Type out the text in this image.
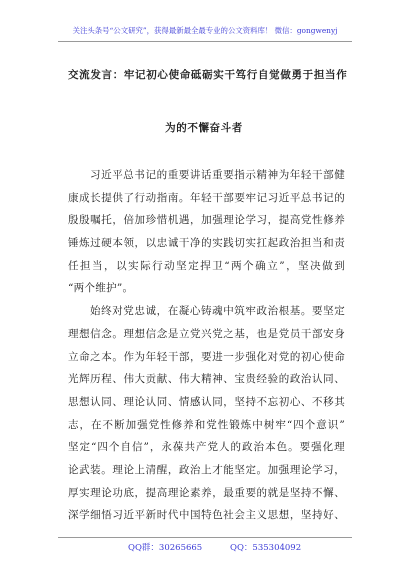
关注头条号“公文研究”，获得最新最全最专业的公文资料库！ 微信：gongwenyj
交流发言：牢记初心使命砥砺实干笃行自觉做勇于担当作
为的不懈奋斗者
习近平总书记的重要讲话重要指示精神为年轻干部健
康成长提供了行动指南。年轻干部要牢记习近平总书记的
殷殷嘱托，倍加珍惜机遇，加强理论学习，提高党性修养
锤炼过硬本领，以忠诚干净的实践切实扛起政治担当和责
任担当，以实际行动坚定捍卫“两个确立”，坚决做到
“两个维护”。
始终对党忠诚，在凝心铸魂中筑牢政治根基。要坚定
理想信念。理想信念是立党兴党之基，也是党员干部安身
立命之本。作为年轻干部，要进一步强化对党的初心使命
光辉历程、伟大贡献、伟大精神、宝贵经验的政治认同、
思想认同、理论认同、情感认同，坚持不忘初心、不移其
志，在不断加强党性修养和党性锻炼中树牢“四个意识”
坚定“四个自信”，永葆共产党人的政治本色。要强化理
论武装。理论上清醒，政治上才能坚定。加强理论学习，
厚实理论功底，提高理论素养，最重要的就是坚持不懈、
深学细悟习近平新时代中国特色社会主义思想，坚持好、
QQ群：30265665	QQ：535304092
